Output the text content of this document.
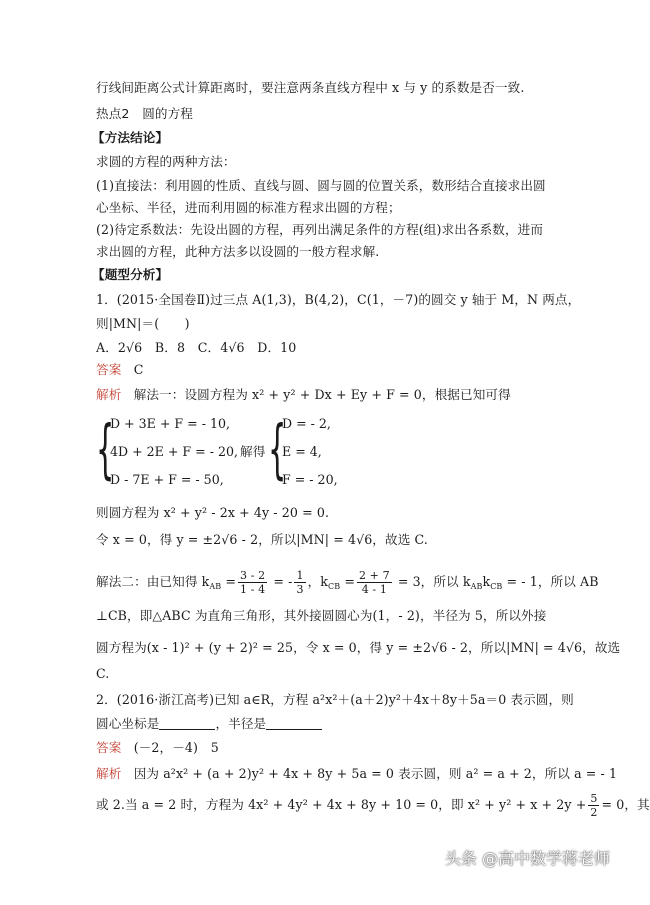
行线间距离公式计算距离时，要注意两条直线方程中 x 与 y 的系数是否一致.
热点2　圆的方程
【方法结论】
求圆的方程的两种方法：
(1)直接法：利用圆的性质、直线与圆、圆与圆的位置关系，数形结合直接求出圆
心坐标、半径，进而利用圆的标准方程求出圆的方程；
(2)待定系数法：先设出圆的方程，再列出满足条件的方程(组)求出各系数，进而
求出圆的方程，此种方法多以设圆的一般方程求解.
【题型分析】
1．(2015·全国卷Ⅱ)过三点 A(1,3)，B(4,2)，C(1，－7)的圆交 y 轴于 M，N 两点，
则|MN|＝(　　)
A．2√6　B．8　C．4√6　D．10
答案 C
解析 解法一：设圆方程为 x² + y² + Dx + Ey + F = 0，根据已知可得
{
D + 3E + F = - 10,
4D + 2E + F = - 20,
D - 7E + F = - 50,
解得 {
D = - 2,
E = 4,
F = - 20,
则圆方程为 x² + y² - 2x + 4y - 20 = 0.
令 x = 0，得 y = ±2√6 - 2，所以|MN| = 4√6，故选 C.
解法二：由已知得 $k_{AB} = \frac{3 - 2}{1 - 4}$ = - $\frac{1}{3}$ ，$k_{CB} = \frac{2 + 7}{4 - 1} = 3$，所以 $k_{AB}k_{CB}$ = - 1，所以 AB
⊥CB，即△ABC 为直角三角形，其外接圆圆心为(1，- 2)，半径为 5，所以外接
圆方程为(x - 1)² + (y + 2)² = 25，令 x = 0，得 y = ±2√6 - 2，所以|MN| = 4√6，故选
C.
2．(2016·浙江高考)已知 a∈R，方程 a²x²＋(a＋2)y²＋4x＋8y＋5a＝0 表示圆，则
圆心坐标是	，半径是
答案 (－2，－4)　5
解析 因为 a²x² + (a + 2)y² + 4x + 8y + 5a = 0 表示圆，则 a² = a + 2，所以 a = - 1
或 2.当 a = 2 时，方程为 4x² + 4y² + 4x + 8y + 10 = 0，即 $x^2 + y^2 + x + 2y + \frac{5}{2} = 0$，其
头条 @高中数学蒋老师
